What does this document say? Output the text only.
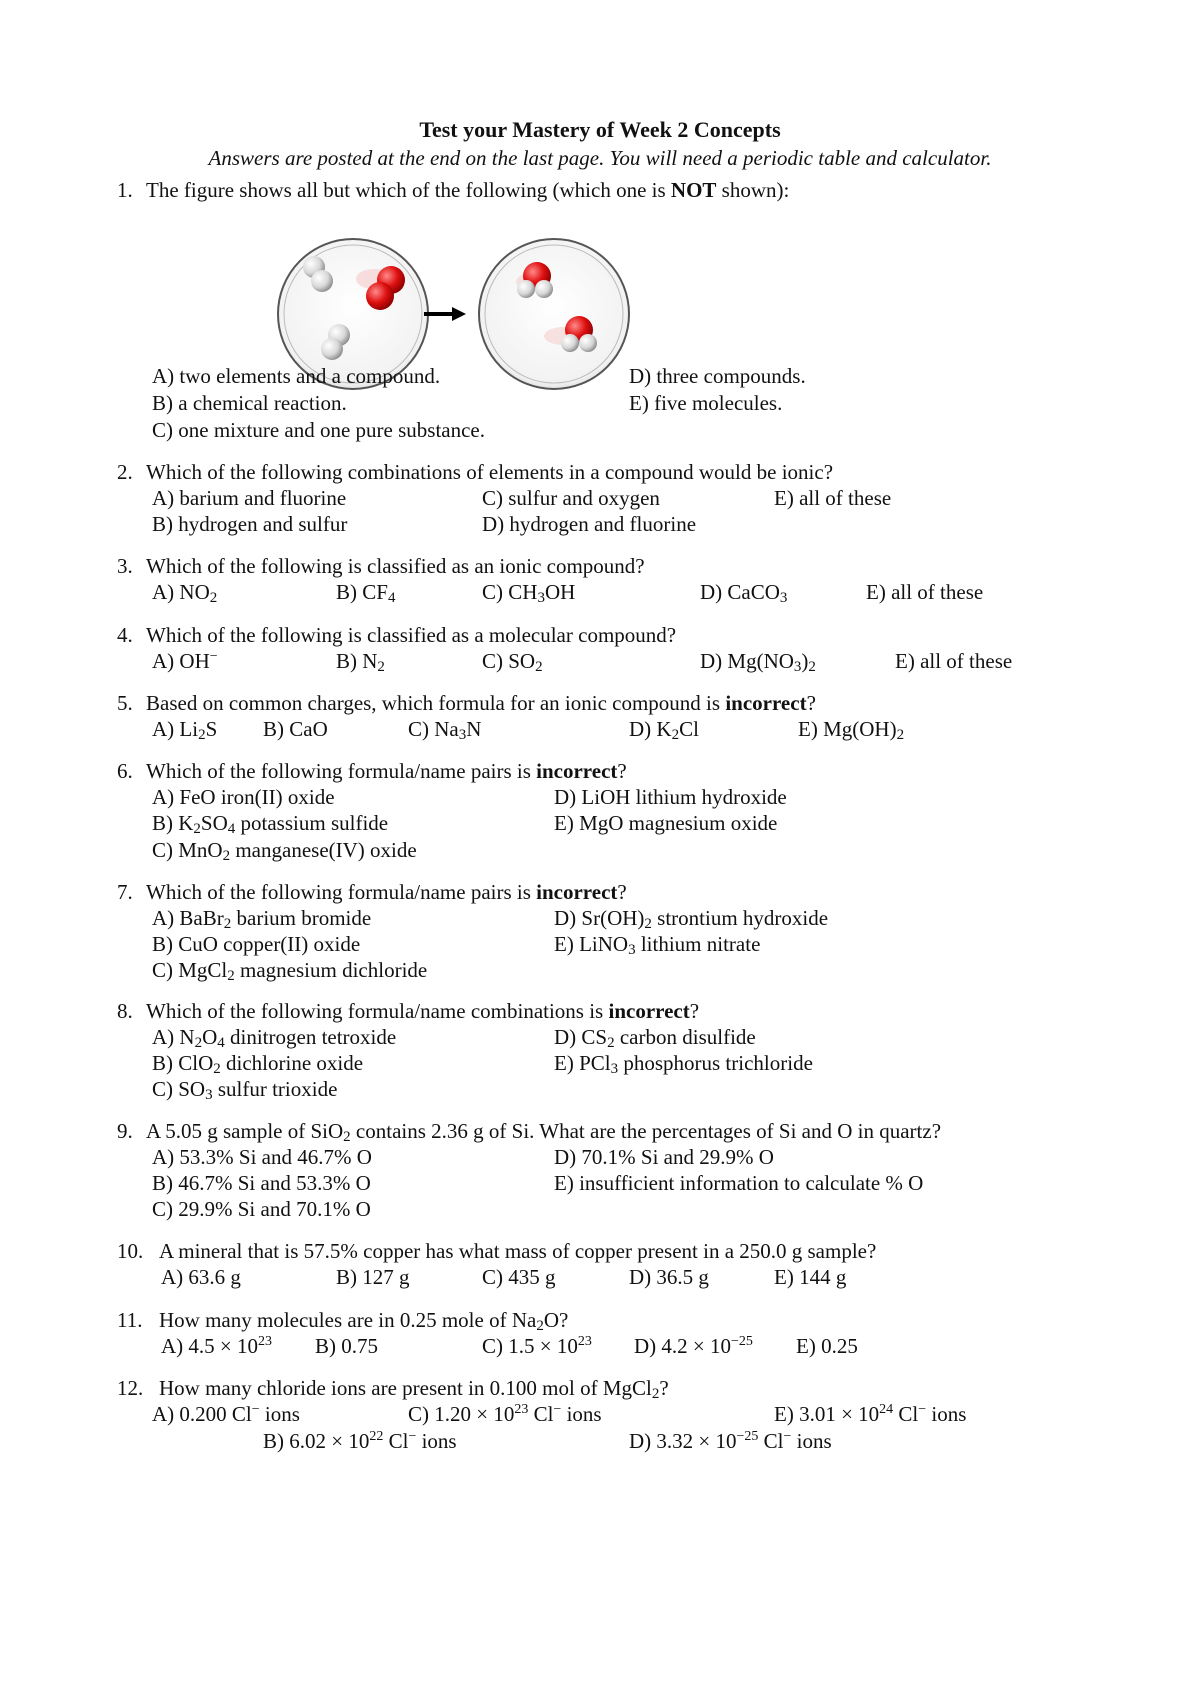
Test your Mastery of Week 2 Concepts
Answers are posted at the end on the last page. You will need a periodic table and calculator.
1. The figure shows all but which of the following (which one is NOT shown):
A) two elements and a compound.	D) three compounds.
B) a chemical reaction.	E) five molecules.
C) one mixture and one pure substance.
2. Which of the following combinations of elements in a compound would be ionic?
A) barium and fluorine	C) sulfur and oxygen	E) all of these
B) hydrogen and sulfur	D) hydrogen and fluorine
3. Which of the following is classified as an ionic compound?
A) $NO_2$	B) $CF_4$	C) $CH_3OH$	D) CaCO$_3$	E) all of these
4. Which of the following is classified as a molecular compound?
A) OH−	B) $N_2$	C) $SO_2$	D) $Mg(NO_3)_2$	E) all of these
5. Based on common charges, which formula for an ionic compound is incorrect?
A) $Li_2S$ B) CaO	C) $Na_3N$	D) $K_2Cl$	E) $Mg(OH)_2$
6. Which of the following formula/name pairs is incorrect?
A) FeO iron(II) oxide	D) LiOH lithium hydroxide
B) $K_2SO_4$ potassium sulfide	E) MgO magnesium oxide
C) MnO$_2$ manganese(IV) oxide
7. Which of the following formula/name pairs is incorrect?
A) BaBr$_2$ barium bromide	D) $Sr(OH)_2$ strontium hydroxide
B) CuO copper(II) oxide	E) LiNO$_3$ lithium nitrate
C) MgCl$_2$ magnesium dichloride
8. Which of the following formula/name combinations is incorrect?
A) $N_2O_4$ dinitrogen tetroxide	D) $CS_2$ carbon disulfide
B) ClO$_2$ dichlorine oxide	E) PCl$_3$ phosphorus trichloride
C) $SO_3$ sulfur trioxide
9. A 5.05 g sample of SiO$_2$ contains 2.36 g of Si. What are the percentages of Si and O in quartz?
A) 53.3% Si and 46.7% O	D) 70.1% Si and 29.9% O
B) 46.7% Si and 53.3% O	E) insufficient information to calculate % O
C) 29.9% Si and 70.1% O
10. A mineral that is 57.5% copper has what mass of copper present in a 250.0 g sample?
A) 63.6 g	B) 127 g	C) 435 g	D) 36.5 g	E) 144 g
11. How many molecules are in 0.25 mole of $Na_2O$?
A) $4.5 \times 10^{23}$ B) 0.75	C) $1.5 \times 10^{23}$ D) $4.2 \times 10^{-25}$ E) 0.25
12. How many chloride ions are present in 0.100 mol of MgCl$_2$?
A) 0.200 Cl− ions	C) $1.20 \times 10^{23}$ Cl− ions	E) $3.01 \times 10^{24}$ Cl− ions
B) $6.02 \times 10^{22}$ Cl− ions	D) $3.32 \times 10^{-25}$ Cl− ions
